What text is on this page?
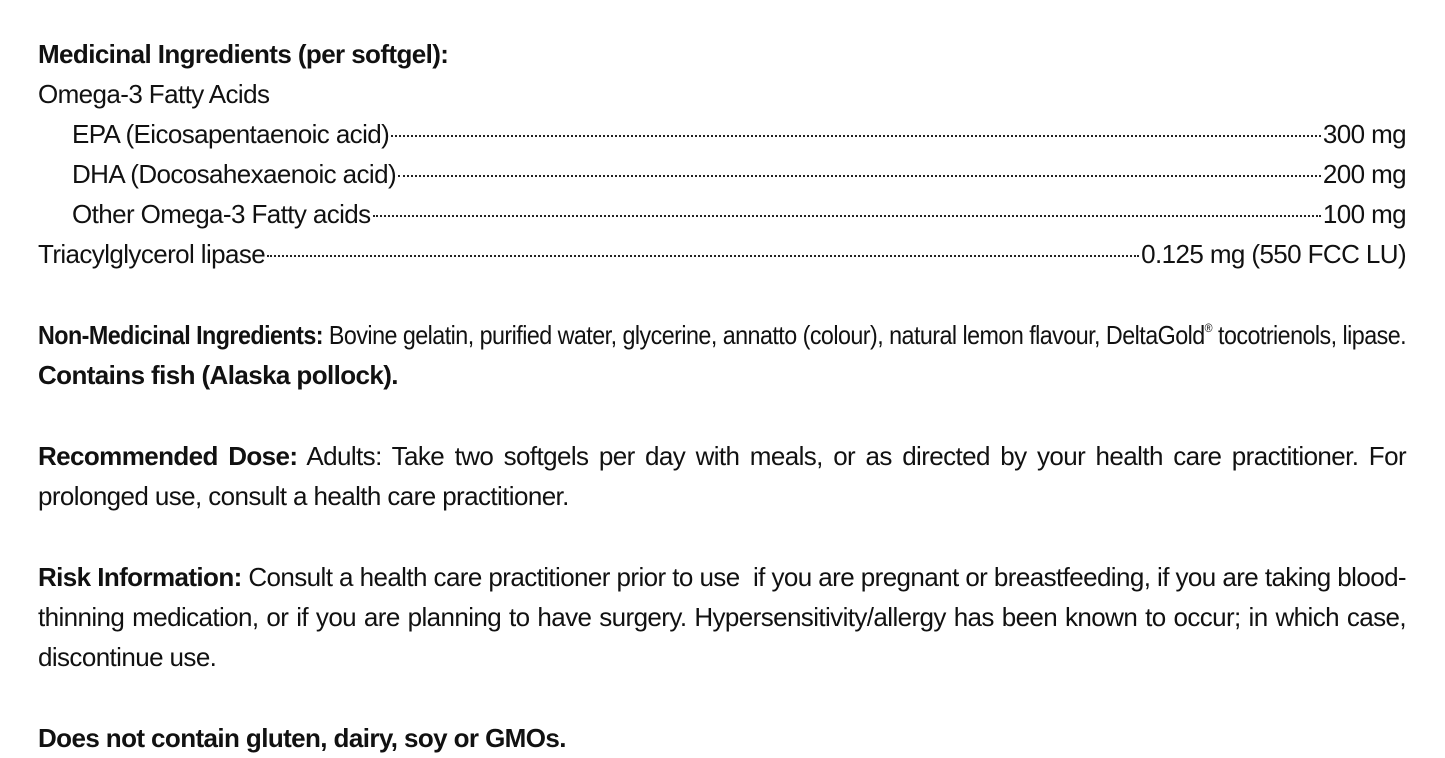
Medicinal Ingredients (per softgel):
Omega-3 Fatty Acids
EPA (Eicosapentaenoic acid)	300 mg
DHA (Docosahexaenoic acid)	200 mg
Other Omega-3 Fatty acids	100 mg
Triacylglycerol lipase	0.125 mg (550 FCC LU)

Non-Medicinal Ingredients: Bovine gelatin, purified water, glycerine, annatto (colour), natural lemon flavour, DeltaGold® tocotrienols, lipase.

Contains fish (Alaska pollock).

Recommended Dose: Adults: Take two softgels per day with meals, or as directed by your health care practitioner. For prolonged use, consult a health care practitioner.

Risk Information: Consult a health care practitioner prior to use  if you are pregnant or breastfeeding, if you are taking blood-thinning medication, or if you are planning to have surgery. Hypersensitivity/allergy has been known to occur; in which case, discontinue use.

Does not contain gluten, dairy, soy or GMOs.
